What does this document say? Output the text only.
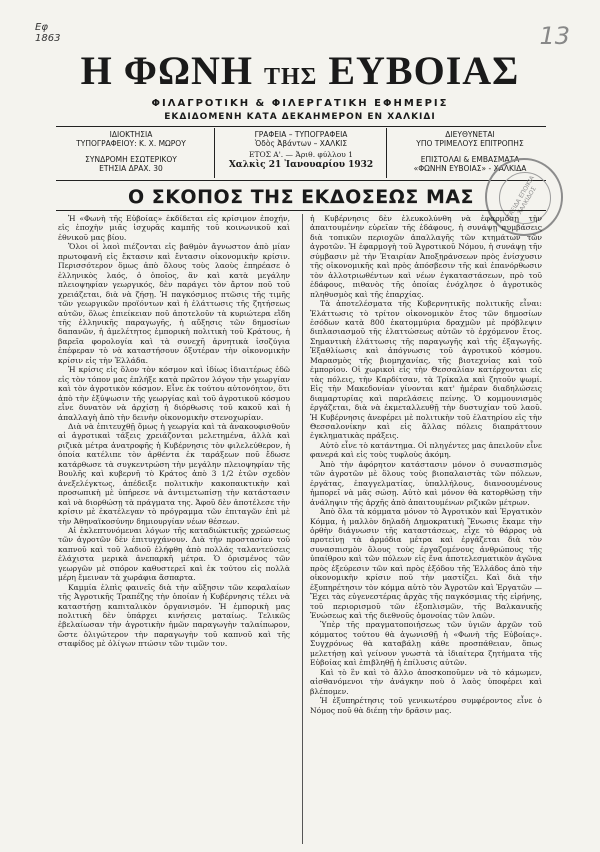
Εφ
1863	13
Η ΦΩΝΗ ΤΗΣ ΕΥΒΟΙΑΣ
ΦΙΛΑΓΡΟΤΙΚΗ & ΦΙΛΕΡΓΑΤΙΚΗ ΕΦΗΜΕΡΙΣ
ΕΚΔΙΔΟΜΕΝΗ ΚΑΤΑ ΔΕΚΑΗΜΕΡΟΝ ΕΝ ΧΑΛΚΙΔΙ
ΙΔΙΟΚΤΗΣΙΑ
ΤΥΠΟΓΡΑΦΕΙΟΥ: Κ. Χ. ΜΩΡΟΥ
ΣΥΝΔΡΟΜΗ ΕΣΩΤΕΡΙΚΟΥ
ΕΤΗΣΙΑ ΔΡΑΧ. 30
ΓΡΑΦΕΙΑ – ΤΥΠΟΓΡΑΦΕΙΑ
Ὁδὸς Ἀβάντων – ΧΑΛΚΙΣ
ΕΤΟΣ Α'. — Ἀριθ. φύλλου 1
Χαλκὶς 21 Ἰανουαρίου 1932
ΔΙΕΥΘΥΝΕΤΑΙ
ΥΠΟ ΤΡΙΜΕΛΟΥΣ ΕΠΙΤΡΟΠΗΣ
ΕΠΙΣΤΟΛΑΙ & ΕΜΒΑΣΜΑΤΑ
«ΦΩΝΗΝ ΕΥΒΟΙΑΣ» - ΧΑΛΚΙΔΑ
Ο ΣΚΟΠΟΣ ΤΗΣ ΕΚΔΟΣΕΩΣ ΜΑΣ	ΤΑΞΙΔΑ ΕΠΟΙΚΙΑ ΧΑΛΚΙΔΟΣ

Ἡ «Φωνὴ τῆς Εὐβοίας» ἐκδίδεται εἰς κρίσιμον ἐποχήν, εἰς ἐποχὴν μιᾶς ἰσχυρᾶς καμπῆς τοῦ κοινωνικοῦ καὶ ἐθνικοῦ μας βίου.

Ὅλοι οἱ λαοὶ πιέζονται εἰς βαθμὸν ἄγνωστον ἀπὸ μίαν πρωτοφανῆ εἰς ἔκτασιν καὶ ἔντασιν οἰκονομικὴν κρίσιν. Περισσότερον ὅμως ἀπὸ ὅλους τοὺς λαοὺς ἐπηρέασε ὁ ἑλληνικὸς λαός, ὁ ὁποῖος, ἂν καὶ κατὰ μεγάλην πλειοψηφίαν γεωργικός, δὲν παράγει τὸν ἄρτον ποῦ τοῦ χρειάζεται, διὰ νὰ ζήσῃ. Ἡ παγκόσμιος πτῶσις τῆς τιμῆς τῶν γεωργικῶν προϊόντων καὶ ἡ ἐλάττωσις τῆς ζητήσεως αὐτῶν, ὅλως ἐπιείκειαν ποῦ ἀποτελοῦν τὰ κυριώτερα εἴδη τῆς ἑλληνικῆς παραγωγῆς, ἡ αὔξησις τῶν δημοσίων δαπανῶν, ἡ ἀμελέτητος ἐμπορικὴ πολιτικὴ τοῦ Κράτους, ἡ βαρεῖα φορολογία καὶ τὰ συνεχῆ ἀρνητικὰ ἰσοζύγια ἐπέφεραν τὸ νὰ καταστήσουν ὀξυτέραν τὴν οἰκονομικὴν κρίσιν εἰς τὴν Ἑλλάδα.

Ἡ κρίσις εἰς ὅλον τὸν κόσμον καὶ ἰδίως ἰδιαιτέρως ἐδῶ εἰς τὸν τόπον μας ἐπλήξε κατὰ πρῶτον λόγον τὴν γεωργίαν καὶ τὸν ἀγροτικὸν κόσμον. Εἶνε ἐκ τούτου αὐτονόητον, ὅτι ἀπὸ τὴν ἐξύψωσιν τῆς γεωργίας καὶ τοῦ ἀγροτικοῦ κόσμου εἶνε δυνατὸν νὰ ἀρχίσῃ ἡ διόρθωσις τοῦ κακοῦ καὶ ἡ ἀπαλλαγὴ ἀπὸ τὴν δεινὴν οἰκονομικὴν στενοχωρίαν.

Διὰ νὰ ἐπιτευχθῇ ὅμως ἡ γεωργία καὶ τὰ ἀνακουφισθοῦν αἱ ἀγροτικαὶ τάξεις χρειάζονται μελετημένα, ἀλλὰ καὶ ριζικὰ μέτρα ἀνατροφῆς ἡ Κυβέρνησις τὸν φιλελεύθερον, ἡ ὁποία κατέλιπε τὸν ἀρθέντα ἐκ ταράξεων ποῦ ἔδωσε κατάρθωσε τὰ συγκεντρώση τὴν μεγάλην πλειοψηφίαν τῆς Βουλῆς καὶ κυβερνῆ τὸ Κράτος ἀπὸ 3 1/2 ἐτῶν σχεδὸν ἀνεξελέγκτως, ἀπέδειξε πολιτικὴν κακοπαικτικὴν καὶ προσωπικὴ μὲ ὑπήρεσε νὰ ἀντιμετωπίσῃ τὴν κατάστασιν καὶ νὰ διορθώσῃ τὰ πράγματα της. Ἀφοῦ δὲν ἀποτέλεσε τὴν κρίσιν μὲ ἐκατέλεγαν τὸ πρόγραμμα τῶν ἐπιταγῶν ἐπὶ μὲ τὴν Ἀθηναϊκοσύνην δημιουργίαν νέων θέσεων.

Αἱ ἐκλεπτυνόμεναι λόγων τῆς καταδιώκτικῆς χρεώσεως τῶν ἀγροτῶν δὲν ἐπιτυγχάνουν. Διὰ τὴν προστασίαν τοῦ καπνοῦ καὶ τοῦ λαδιοῦ ἐλήφθη ἀπὸ πολλάς ταλαντεύσεις ἐλάχιστα μερικὰ ἀνεπαρκῆ μέτρα. Ὁ ὀρισμένος τῶν γεωργῶν μὲ σπόρον καθυστερεῖ καὶ ἐκ τούτου εἰς πολλὰ μέρη ἔμειναν τὰ χωράφια ἄσπαρτα.

Καμμία ἐλπὶς φαινεῖς διὰ τὴν αὔξησιν τῶν κεφαλαίων τῆς Ἀγροτικῆς Τραπέζης τὴν ὁποίαν ἡ Κυβέρνησις τέλει νὰ καταστήσῃ καπιταλικὸν ὀργανισμόν. Ἡ ἐμπορικὴ μας πολιτικὴ δὲν ὑπάρχει κινήσεις ματαίως. Τελικῶς ἐβελαίωσαν τὴν ἀγροτικὴν ἡμῶν παραγωγὴν ταλαίπωρον, ὥστε ὀλιγώτερον τὴν παραγωγὴν τοῦ καπνοῦ καὶ τῆς σταφίδος μὲ ὀλίγων πτώσιν τῶν τιμῶν τον.

ἡ Κυβέρνησις δὲν ἐλευκολύνθη νὰ ἐφαρμόσῃ τὴν ἀπαιτουμένην εὐρεῖαν τῆς ἐδάφους, ἡ συνάψῃ συμβάσεις διὰ τοπικῶν περιοχῶν ἀπαλλαγῆς τῶν κτημάτων τῶν ἀγροτῶν. Ἡ ἐφαρμογὴ τοῦ Ἀγροτικοῦ Νόμου, ἡ συνάψῃ τῆν σύμβασιν μὲ τὴν Ἑταιρίαν Ἀποξηράνσεων πρὸς ἐνίσχυσιν τῆς οἰκονομικῆς καὶ πρὸς ἀπόσβεσιν τῆς καὶ ἐπανόρθωσιν τὸν ἀλλοτριωθέντων καὶ νέων ἐγκαταστάσεων, πρὸ τοῦ ἐδάφους, πιθανὸς τῆς ὁποίας ἐνόχλησε ὁ ἀγροτικὸς πληθυσμὸς καὶ τῆς ἐπαρχίας.

Τὰ ἀποτελέσματα τῆς Κυβερνητικῆς πολιτικῆς εἶναι: Ἐλάττωσις τὸ τρίτον οἰκονομικὸν ἔτος τῶν δημοσίων ἐσόδων κατὰ 800 ἑκατομμύρια δραχμῶν μὲ πρόβλεψιν διπλασιασμοῦ τῆς ἐλαττώσεως αὐτῶν τὸ ἐρχόμενον ἔτος. Σημαντικὴ ἐλάττωσις τῆς παραγωγῆς καὶ τῆς ἐξαγωγῆς. Ἐξαθλίωσις καὶ ἀπόγνωσις τοῦ ἀγροτικοῦ κόσμου. Μαρασμὸς τῆς βιομηχανίας, τῆς βιοτεχνίας καὶ τοῦ ἐμπορίου. Οἱ χωρικοὶ εἰς τὴν Θεσσαλίαν κατέρχονται εἰς τὰς πόλεις, τὴν Καρδίτσαν, τὰ Τρίκαλα καὶ ζητοῦν ψωμί. Εἰς τὴν Μακεδονίαν γίνονται κατ' ἡμέραν διαδηλώσεις διαμαρτυρίας καὶ παρελάσεις πείνης. Ὁ κομμουνισμὸς ἐργάζεται, διὰ νὰ ἐκμεταλλευθῇ τὴν δυστυχίαν τοῦ λαοῦ. Ἡ Κυβέρνησις ἀνεφέρει μὲ πολιτικὴν τοῦ ἐλατηρίου εἰς τὴν Θεσσαλονίκην καὶ εἰς ἄλλας πόλεις διαπράττουν ἐγκληματικὰς πράξεις.

Αὐτὸ εἶνε τὸ κατάντημα. Οἱ πληγέντες μας ἀπειλοῦν εἶνε φανερά καὶ εἰς τοὺς τυφλοὺς ἀκόμη.

Ἀπὸ τὴν ἀφόρητον κατάστασιν μόνον ὁ συνασπισμὸς τῶν ἀγροτῶν μὲ ὅλους τοὺς βιοπαλαιστὰς τῶν πόλεων, ἐργάτας, ἐπαγγελματίας, ὑπαλλήλους, διανοουμένους ἡμπορεῖ νὰ μᾶς σώσῃ. Αὐτὸ καὶ μόνον θὰ κατορθώσῃ τὴν ἀνάληψιν τῆς ἀρχῆς ἀπὸ ἀπαιτουμένων ριζικῶν μέτρων.

Ἀπὸ ὅλα τὰ κόμματα μόνον τὸ Ἀγροτικὸν καὶ Ἐργατικὸν Κόμμα, ἡ μαλλὸν δηλαδὴ Δημοκρατικὴ Ἕνωσις ἔκαμε τὴν ὀρθὴν διάγνωσιν τῆς καταστάσεως, εἶχε τὸ θάρρος νὰ προτείνῃ τὰ ἀρμόδια μέτρα καὶ ἐργάζεται διὰ τὸν συνασπισμὸν ὅλους τοὺς ἐργαζομένους ἀνθρώπους τῆς ὑπαίθρου καὶ τῶν πόλεων εἰς ἕνα ἀποτελεσματικὸν ἀγῶνα πρὸς ἐξεύρεσιν τῶν καὶ πρὸς ἐξόδου τῆς Ἑλλάδος ἀπὸ τὴν οἰκονομικὴν κρίσιν ποῦ τὴν μαστίζει. Καὶ διὰ τὴν ἐξυπηρέτησιν τὸν κόμμα αὐτὸ τὸν Ἀγροτῶν καὶ Ἐργατῶν — Ἔχει τὰς εὐγενεστέρας ἀρχὰς τῆς παγκόσμιας τῆς εἰρήνης, τοῦ περιορισμοῦ τῶν ἐξοπλισμῶν, τῆς Βαλκανικῆς Ἑνώσεως καὶ τῆς διεθνοῦς ὁμονοίας τῶν λαῶν.

Ὑπὲρ τῆς πραγματοποιήσεως τῶν ὑγιῶν ἀρχῶν τοῦ κόμματος τούτου θὰ ἀγωνισθῇ ἡ «Φωνὴ τῆς Εὐβοίας». Συγχρόνως θὰ καταβάλῃ κάθε προσπάθειαν, ὅπως μελετήσῃ καὶ γείνουν γνωστὰ τὰ ἰδιαίτερα ζητήματα τῆς Εὐβοίας καὶ ἐπιβληθῇ ἡ ἐπίλυσις αὐτῶν.

Καὶ τὸ ἓν καὶ τὸ ἄλλο ἀποσκοποῦμεν νὰ τὸ κάμωμεν, αἰσθανόμενοι τὴν ἀνάγκην ποὺ ὁ λαὸς ὑποφέρει καὶ βλέπομεν.

Ἡ ἐξυπηρέτησις τοῦ γενικωτέρου συμφέροντος εἶνε ὁ Νόμος ποῦ θὰ διέπῃ τὴν δρᾶσιν μας.
